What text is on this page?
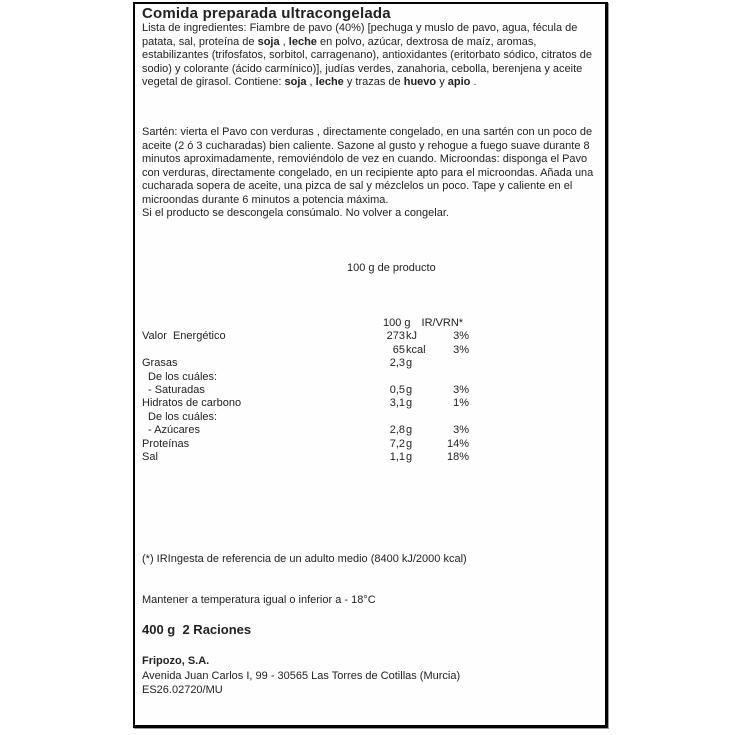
Comida preparada ultracongelada
Lista de ingredientes: Fiambre de pavo (40%) [pechuga y muslo de pavo, agua, fécula de patata, sal, proteína de soja , leche en polvo, azúcar, dextrosa de maíz, aromas, estabilizantes (trifosfatos, sorbitol, carragenano), antioxidantes (eritorbato sódico, citratos de sodio) y colorante (ácido carmínico)], judías verdes, zanahoria, cebolla, berenjena y aceite vegetal de girasol. Contiene: soja , leche y trazas de huevo y apio .
Sartén: vierta el Pavo con verduras , directamente congelado, en una sartén con un poco de aceite (2 ó 3 cucharadas) bien caliente. Sazone al gusto y rehogue a fuego suave durante 8 minutos aproximadamente, removiéndolo de vez en cuando. Microondas: disponga el Pavo con verduras, directamente congelado, en un recipiente apto para el microondas. Añada una cucharada sopera de aceite, una pizca de sal y mézclelos un poco. Tape y caliente en el microondas durante 6 minutos a potencia máxima.
Si el producto se descongela consúmalo. No volver a congelar.
100 g de producto
100 g IR/VRN*
Valor  Energético	273 kJ	3%
65 kcal	3%
Grasas	2,3 g
De los cuáles:
- Saturadas	0,5 g	3%
Hidratos de carbono	3,1 g	1%
De los cuáles:
- Azúcares	2,8 g	3%
Proteínas	7,2 g	14%
Sal	1,1 g	18%
(*) IRIngesta de referencia de un adulto medio (8400 kJ/2000 kcal)
Mantener a temperatura igual o inferior a - 18°C
400 g  2 Raciones
Fripozo, S.A.
Avenida Juan Carlos I, 99 - 30565 Las Torres de Cotillas (Murcia)
ES26.02720/MU
